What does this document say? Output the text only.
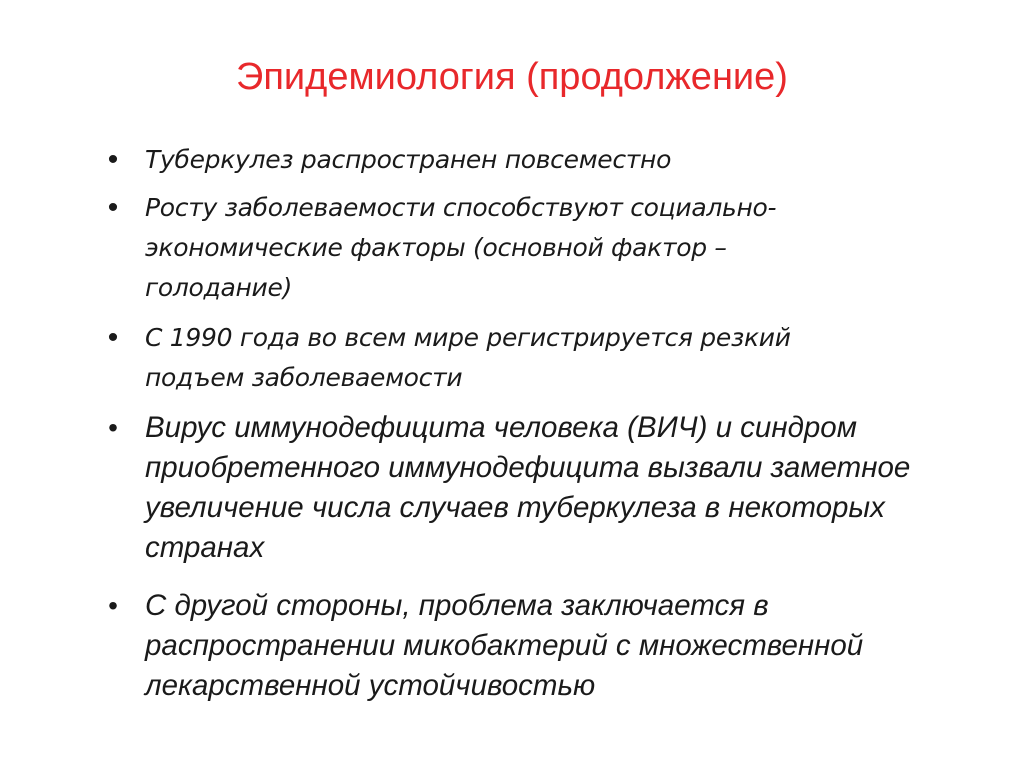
Эпидемиология (продолжение)
• Туберкулез распространен повсеместно

• Росту заболеваемости способствуют социально-экономические факторы (основной фактор – голодание)

• С 1990 года во всем мире регистрируется резкий подъем заболеваемости

• Вирус иммунодефицита человека (ВИЧ) и синдром приобретенного иммунодефицита вызвали заметное увеличение числа случаев туберкулеза в некоторых странах

• С другой стороны, проблема заключается в распространении микобактерий с множественной лекарственной устойчивостью
